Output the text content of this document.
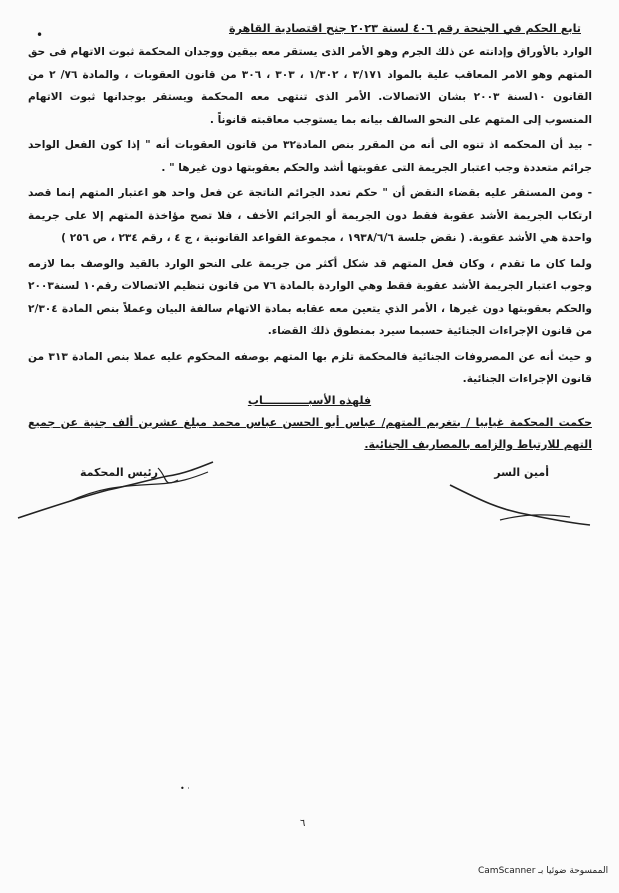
•	تابع الحكم في الجنحة رقم ٤٠٦ لسنة ٢٠٢٣ جنح اقتصادية القاهرة

الوارد بالأوراق وإدانته عن ذلك الجرم وهو الأمر الذى يستقر معه بيقين ووجدان المحكمة ثبوت الاتهام فى حق المتهم وهو الامر المعاقب علية بالمواد ٣/١٧١ ، ١/٣٠٢ ، ٣٠٣ ، ٣٠٦ من قانون العقوبات ، والمادة ٧٦/ ٢ من القانون ١٠لسنة ٢٠٠٣ بشان الاتصالات. الأمر الذى تنتهى معه المحكمة ويستقر بوجدانها ثبوت الاتهام المنسوب إلى المتهم على النحو السالف بيانه بما يستوجب معاقبته قانوناً .

- بيد أن المحكمه اذ تنوه الى أنه من المقرر بنص المادة٣٢ من قانون العقوبات أنه " إذا كون الفعل الواحد جرائم متعددة وجب اعتبار الجريمة التى عقوبتها أشد والحكم بعقوبتها دون غيرها " .

- ومن المستقر عليه بقضاء النقض أن " حكم تعدد الجرائم الناتجة عن فعل واحد هو اعتبار المتهم إنما قصد ارتكاب الجريمة الأشد عقوبة فقط دون الجريمة أو الجرائم الأخف ، فلا تصح مؤاخذة المتهم إلا على جريمة واحدة هي الأشد عقوبة. ( نقض جلسة ١٩٣٨/٦/٦ ، مجموعة القواعد القانونية ، ج ٤ ، رقم ٢٣٤ ، ص ٢٥٦ )

ولما كان ما تقدم ، وكان فعل المتهم قد شكل أكثر من جريمة على النحو الوارد بالقيد والوصف بما لازمه وجوب اعتبار الجريمة الأشد عقوبة فقط وهي الواردة بالمادة ٧٦ من قانون تنظيم الاتصالات رقم١٠ لسنة٢٠٠٣ والحكم بعقوبتها دون غيرها ، الأمر الذي يتعين معه عقابه بمادة الاتهام سالفة البيان وعملاً بنص المادة ٢/٣٠٤ من قانون الإجراءات الجنائية حسبما سيرد بمنطوق ذلك القضاء.

و حيث أنه عن المصروفات الجنائية فالمحكمة تلزم بها المتهم بوصفه المحكوم عليه عملا بنص المادة ٣١٣ من قانون الإجراءات الجنائية.

فلهذه الأسبــــــــــــاب

حكمت المحكمة غيابيا / بتغريم المتهم/ عباس أبو الحسن عباس محمد مبلغ عشرين ألف جنية عن جميع التهم للارتباط والزامه بالمصاريف الجنائية.

رئيس المحكمة	أمين السر
• ·
٦
الممسوحة ضوئيا بـ CamScanner
